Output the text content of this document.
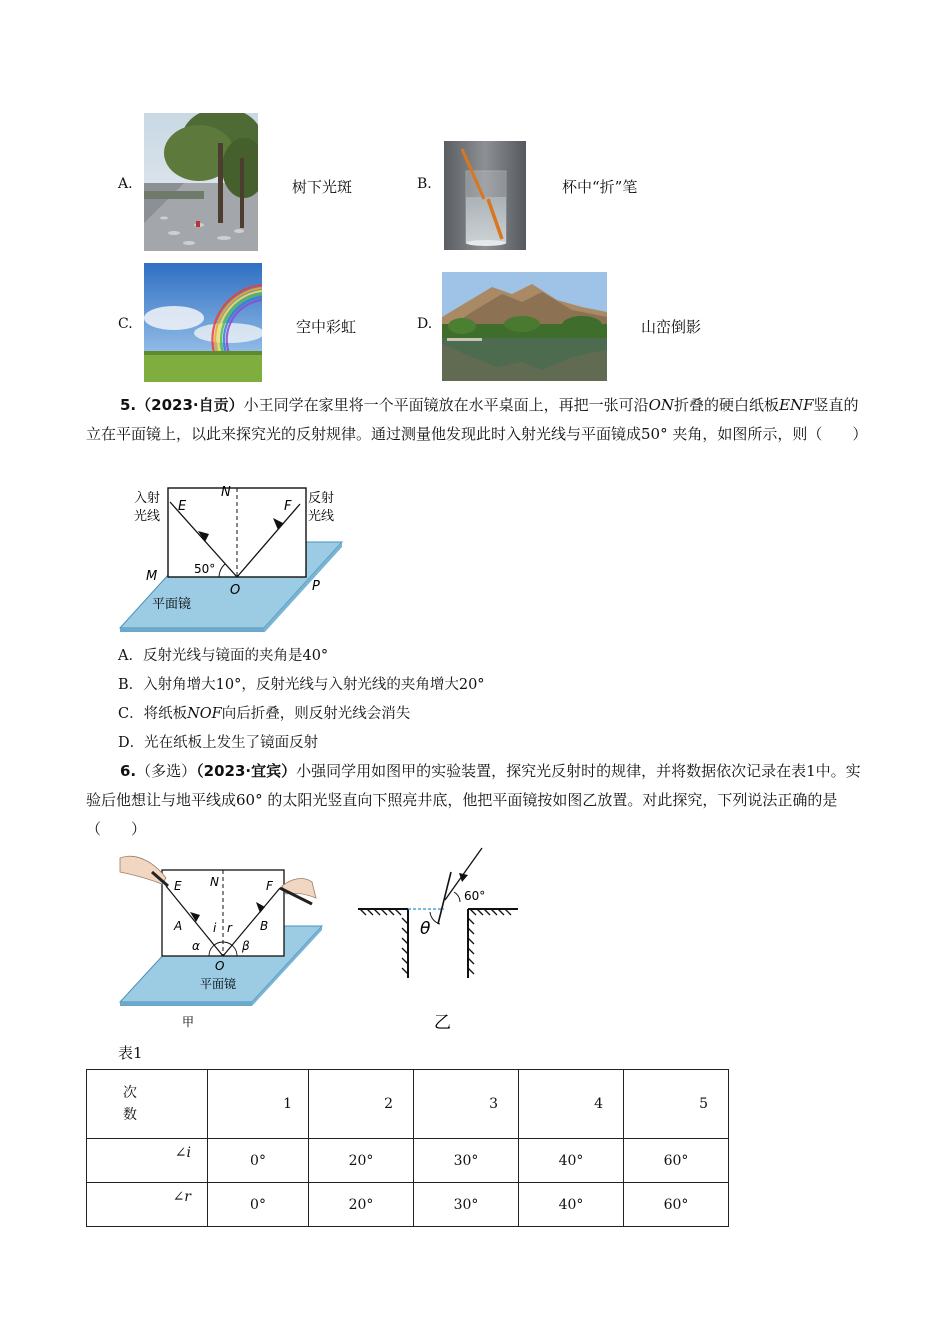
A.	树下光斑	B.	杯中“折”笔
C.	空中彩虹	D.	山峦倒影
5.（2023·自贡）小王同学在家里将一个平面镜放在水平桌面上，再把一张可沿ON折叠的硬白纸板ENF竖直的立在平面镜上，以此来探究光的反射规律。通过测量他发现此时入射光线与平面镜成50° 夹角，如图所示，则（　　）
入射
光线
反射
光线
E
N
F
50°
O
M
P
平面镜
A．反射光线与镜面的夹角是40°
B．入射角增大10°，反射光线与入射光线的夹角增大20°
C．将纸板NOF向后折叠，则反射光线会消失
D．光在纸板上发生了镜面反射
6.（多选）（2023·宜宾）小强同学用如图甲的实验装置，探究光反射时的规律，并将数据依次记录在表1中。实验后他想让与地平线成60° 的太阳光竖直向下照亮井底，他把平面镜按如图乙放置。对此探究，下列说法正确的是（　　）
E N	F
A	B
i r
α	β
O
平面镜
甲
60°
θ
乙
表1
次
数	1	2	3	4	5
∠i	0°	20°	30°	40°	60°
∠r	0°	20°	30°	40°	60°
